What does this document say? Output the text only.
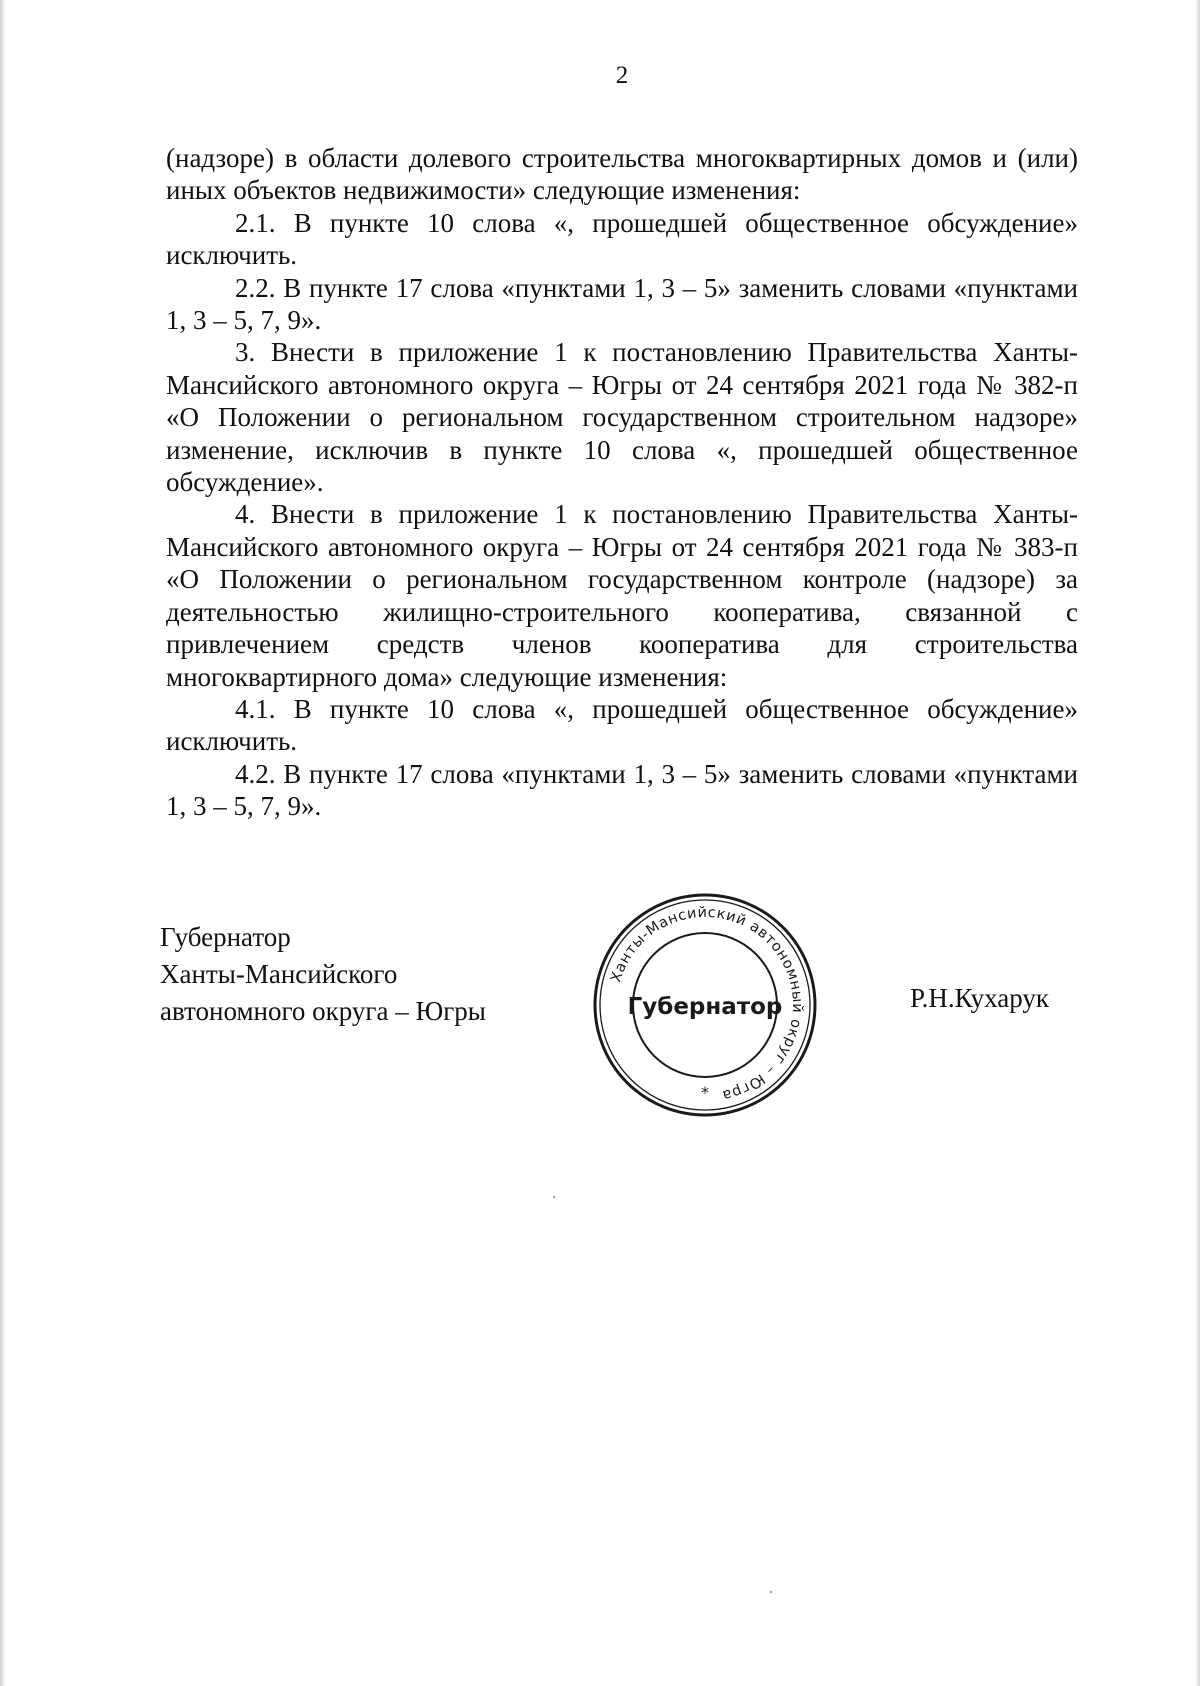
2

(надзоре) в области долевого строительства многоквартирных домов и (или) иных объектов недвижимости» следующие изменения:

2.1. В пункте 10 слова «, прошедшей общественное обсуждение» исключить.

2.2. В пункте 17 слова «пунктами 1, 3 – 5» заменить словами «пунктами 1, 3 – 5, 7, 9».

3. Внести в приложение 1 к постановлению Правительства Ханты-Мансийского автономного округа – Югры от 24 сентября 2021 года № 382-п «О Положении о региональном государственном строительном надзоре» изменение, исключив в пункте 10 слова «, прошедшей общественное обсуждение».

4. Внести в приложение 1 к постановлению Правительства Ханты-Мансийского автономного округа – Югры от 24 сентября 2021 года № 383-п «О Положении о региональном государственном контроле (надзоре) за деятельностью жилищно-строительного кооператива, связанной с привлечением средств членов кооператива для строительства многоквартирного дома» следующие изменения:

4.1. В пункте 10 слова «, прошедшей общественное обсуждение» исключить.

4.2. В пункте 17 слова «пунктами 1, 3 – 5» заменить словами «пунктами 1, 3 – 5, 7, 9».

Губернатор
Ханты-Мансийского
автономного округа – Югры
Ханты-Мансийский автономный округ – Югра
Губернатор
*
Р.Н.Кухарук
